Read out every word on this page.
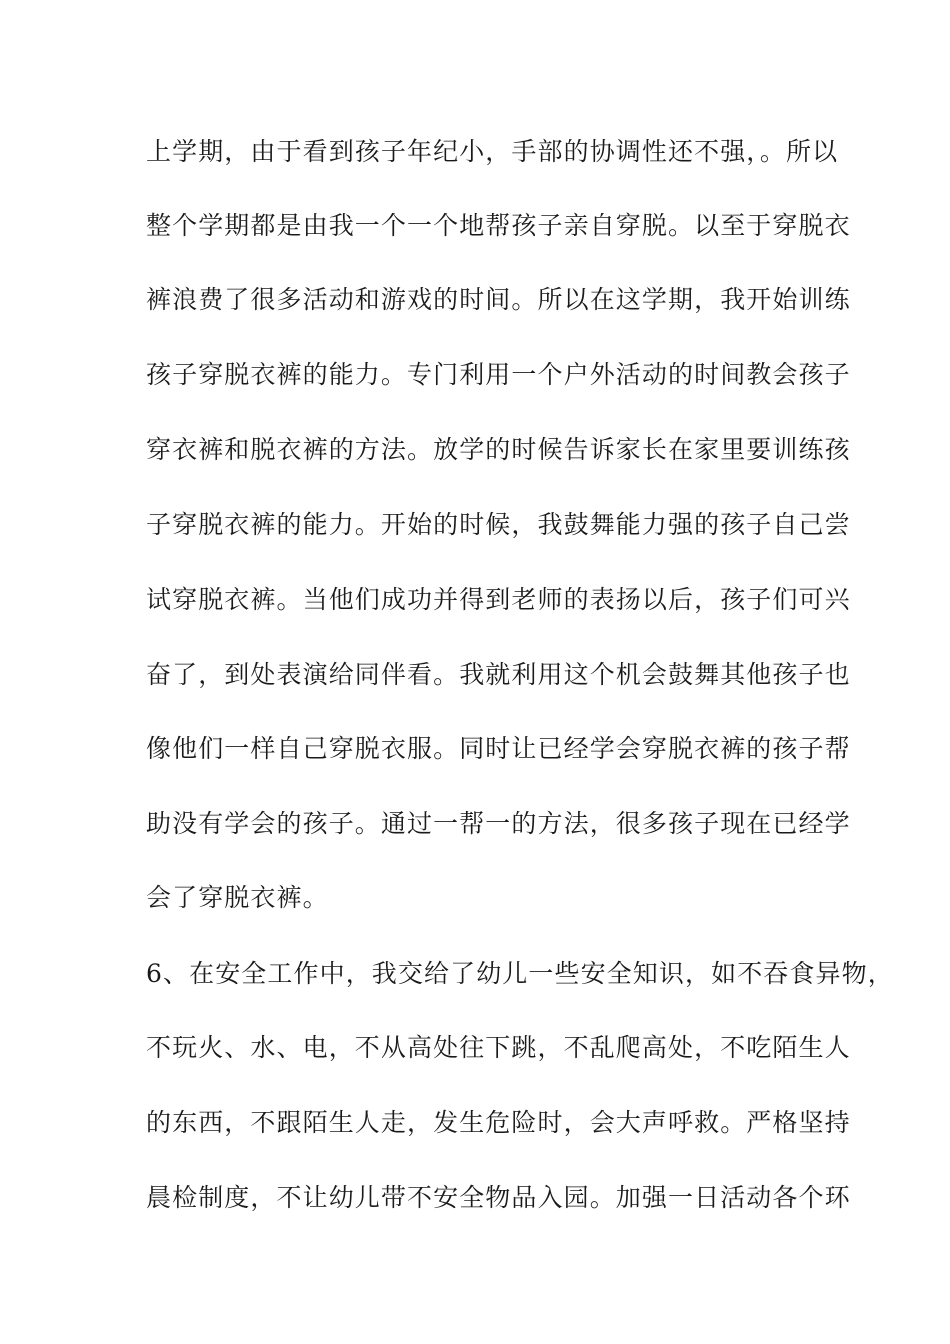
上学期，由于看到孩子年纪小，手部的协调性还不强，。所以
整个学期都是由我一个一个地帮孩子亲自穿脱。以至于穿脱衣
裤浪费了很多活动和游戏的时间。所以在这学期，我开始训练
孩子穿脱衣裤的能力。专门利用一个户外活动的时间教会孩子
穿衣裤和脱衣裤的方法。放学的时候告诉家长在家里要训练孩
子穿脱衣裤的能力。开始的时候，我鼓舞能力强的孩子自己尝
试穿脱衣裤。当他们成功并得到老师的表扬以后，孩子们可兴
奋了，到处表演给同伴看。我就利用这个机会鼓舞其他孩子也
像他们一样自己穿脱衣服。同时让已经学会穿脱衣裤的孩子帮
助没有学会的孩子。通过一帮一的方法，很多孩子现在已经学
会了穿脱衣裤。
6、在安全工作中，我交给了幼儿一些安全知识，如不吞食异物，
不玩火、水、电，不从高处往下跳，不乱爬高处，不吃陌生人
的东西，不跟陌生人走，发生危险时，会大声呼救。严格坚持
晨检制度，不让幼儿带不安全物品入园。加强一日活动各个环
